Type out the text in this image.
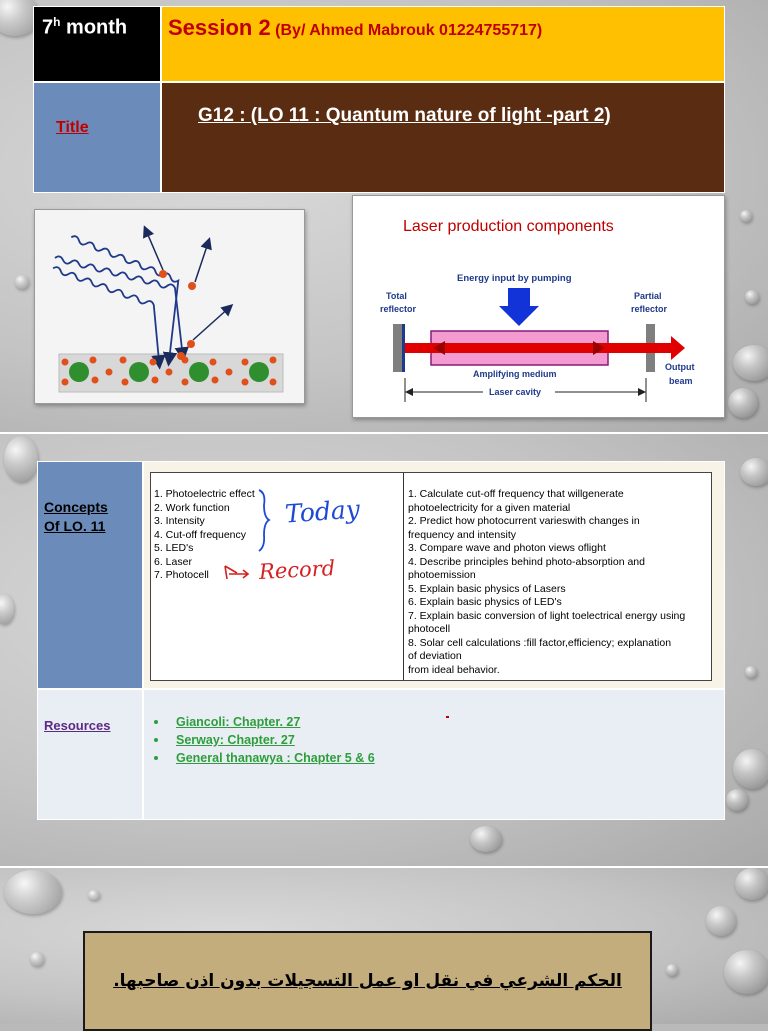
7$^h$ month	Session 2 (By/ Ahmed Mabrouk 01224755717)
Title
G12 : (LO 11 : Quantum nature of light -part 2)
Laser production components
Energy input by pumping
Total
reflector
Partial
reflector
Amplifying medium
Output
beam
Laser cavity
Concepts
Of LO. 11
1. Photoelectric effect
2. Work function
3. Intensity
4. Cut-off frequency
5. LED's
6. Laser
7. Photocell
1. Calculate cut-off frequency that willgenerate
photoelectricity for a given material
2. Predict how photocurrent varieswith changes in
frequency and intensity
3. Compare wave and photon views oflight
4. Describe principles behind photo-absorption and
photoemission
5. Explain basic physics of Lasers
6. Explain basic physics of LED's
7. Explain basic conversion of light toelectrical energy using
photocell
8. Solar cell calculations :fill factor,efficiency; explanation
of deviation
from ideal behavior.
Today
Record
Resources	Giancoli: Chapter. 27
Serway: Chapter. 27
General thanawya : Chapter 5 & 6
الحكم الشرعي في نقل او عمل التسجيلات بدون اذن صاحبها.
